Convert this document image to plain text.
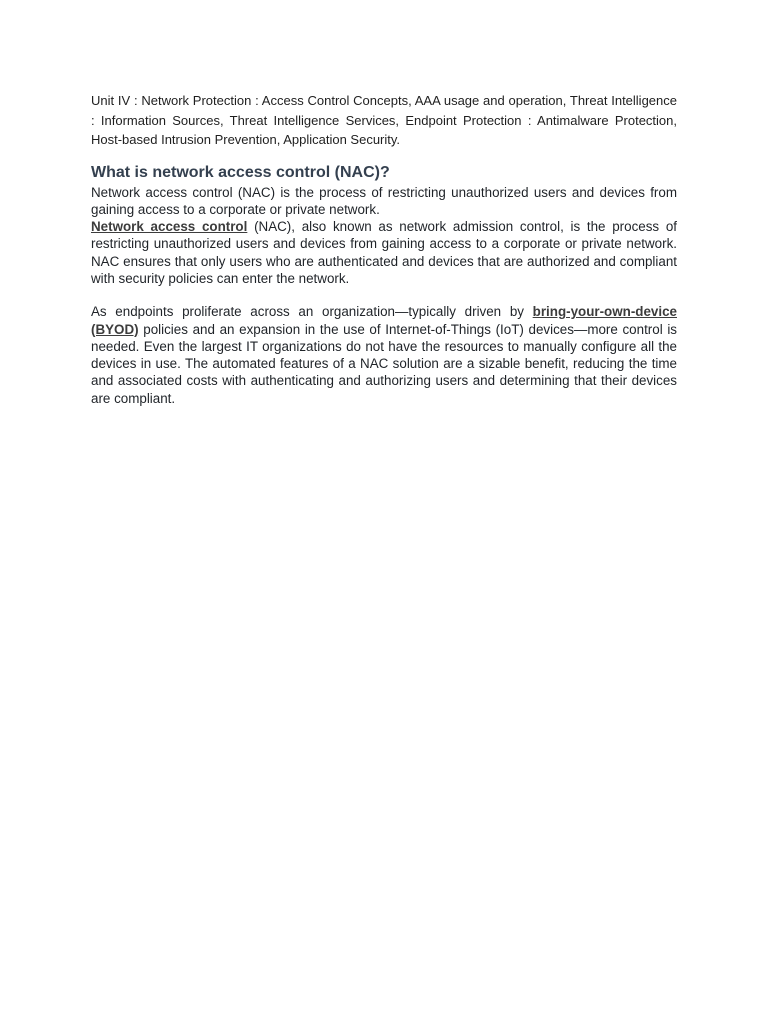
Unit IV : Network Protection : Access Control Concepts, AAA usage and operation, Threat Intelligence : Information Sources, Threat Intelligence Services, Endpoint Protection : Antimalware Protection, Host-based Intrusion Prevention, Application Security.

What is network access control (NAC)?

Network access control (NAC) is the process of restricting unauthorized users and devices from gaining access to a corporate or private network.

Network access control (NAC), also known as network admission control, is the process of restricting unauthorized users and devices from gaining access to a corporate or private network. NAC ensures that only users who are authenticated and devices that are authorized and compliant with security policies can enter the network.

As endpoints proliferate across an organization—typically driven by bring-your-own-device (BYOD) policies and an expansion in the use of Internet-of-Things (IoT) devices—more control is needed. Even the largest IT organizations do not have the resources to manually configure all the devices in use. The automated features of a NAC solution are a sizable benefit, reducing the time and associated costs with authenticating and authorizing users and determining that their devices are compliant.
